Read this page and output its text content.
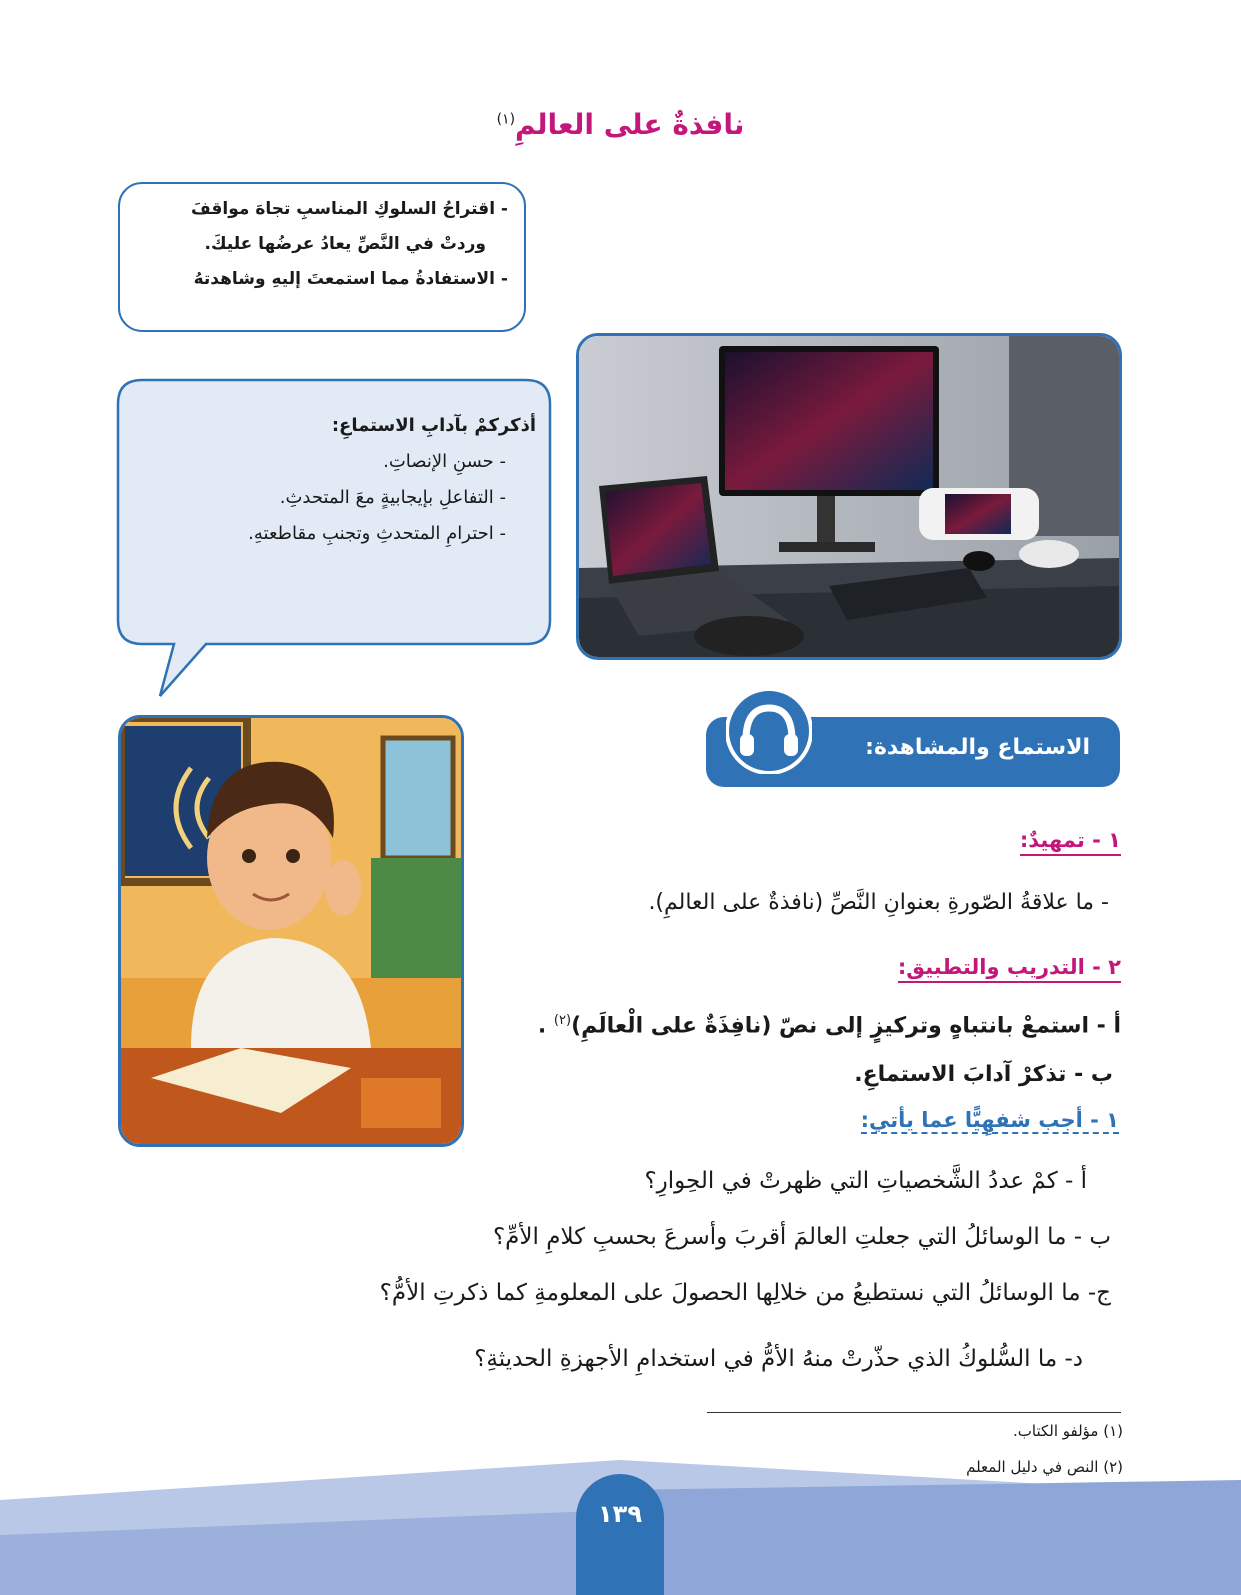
نافذةٌ على العالمِ$^{(١)}$
- اقتراحُ السلوكِ المناسبِ تجاهَ مواقفَ
وردتْ في النَّصِّ يعادُ عرضُها عليكَ.
- الاستفادةُ مما استمعتَ إليهِ وشاهدتهُ
أذكركمْ بآدابِ الاستماعِ:
- حسنِ الإنصاتِ.
- التفاعلِ بإيجابيةٍ معَ المتحدثِ.
- احترامِ المتحدثِ وتجنبِ مقاطعتهِ.
الاستماع والمشاهدة:
١ - تمهيدٌ:
- ما علاقةُ الصّورةِ بعنوانِ النَّصِّ (نافذةٌ على العالمِ).
٢ - التدريب والتطبيق:
أ - استمعْ بانتباهٍ وتركيزٍ إلى نصّ (نافِذَةٌ على الْعالَمِ)$^{(٢)}$ .
ب - تذكرْ آدابَ الاستماعِ.
١ - أجب شفهِيًّا عما يأتي:
أ - كمْ عددُ الشَّخصياتِ التي ظهرتْ في الحِوارِ؟
ب - ما الوسائلُ التي جعلتِ العالمَ أقربَ وأسرعَ بحسبِ كلامِ الأمِّ؟
ج- ما الوسائلُ التي نستطيعُ من خلالِها الحصولَ على المعلومةِ كما ذكرتِ الأمُّ؟
د- ما السُّلوكُ الذي حذّرتْ منهُ الأمُّ في استخدامِ الأجهزةِ الحديثةِ؟
(١) مؤلفو الكتاب.
(٢) النص في دليل المعلم
١٣٩
